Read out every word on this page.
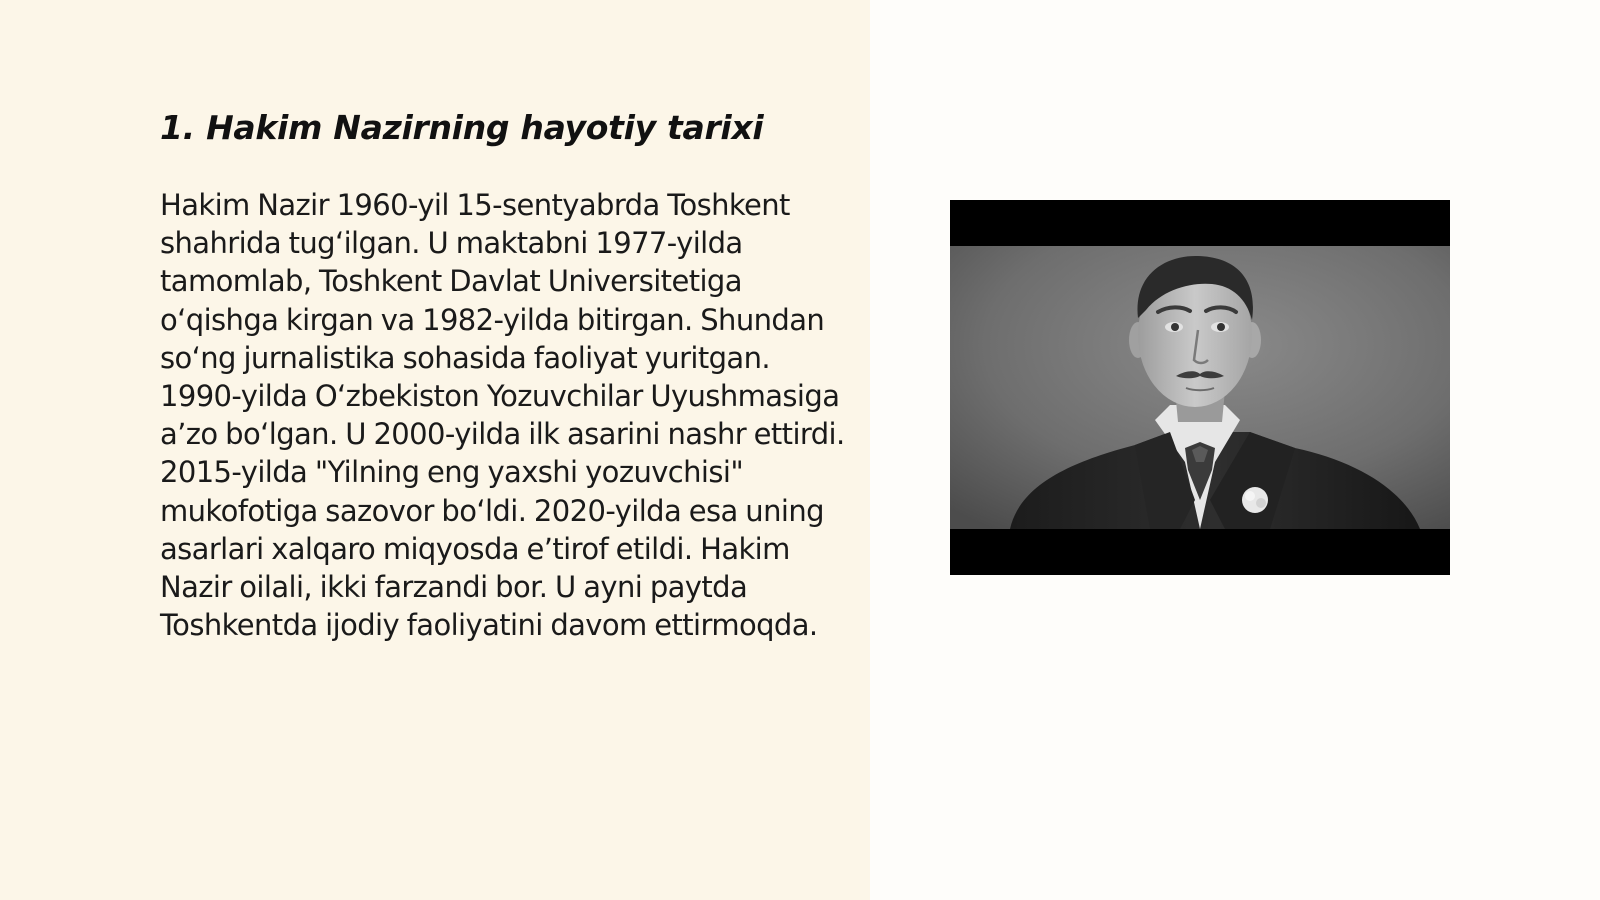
1. Hakim Nazirning hayotiy tarixi

Hakim Nazir 1960-yil 15-sentyabrda Toshkent shahrida tug‘ilgan. U maktabni 1977-yilda tamomlab, Toshkent Davlat Universitetiga o‘qishga kirgan va 1982-yilda bitirgan. Shundan so‘ng jurnalistika sohasida faoliyat yuritgan. 1990-yilda O‘zbekiston Yozuvchilar Uyushmasiga a’zo bo‘lgan. U 2000-yilda ilk asarini nashr ettirdi. 2015-yilda "Yilning eng yaxshi yozuvchisi" mukofotiga sazovor bo‘ldi. 2020-yilda esa uning asarlari xalqaro miqyosda e’tirof etildi. Hakim Nazir oilali, ikki farzandi bor. U ayni paytda Toshkentda ijodiy faoliyatini davom ettirmoqda.
